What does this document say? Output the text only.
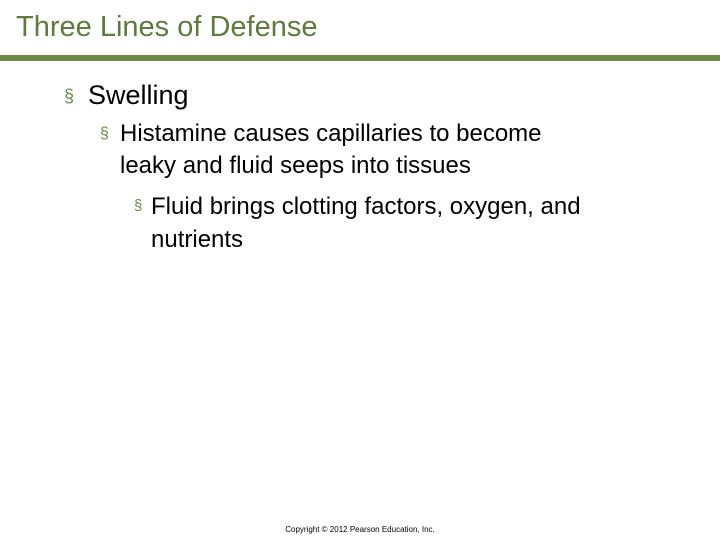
Three Lines of Defense
§ Swelling
§ Histamine causes capillaries to become leaky and fluid seeps into tissues
§ Fluid brings clotting factors, oxygen, and nutrients
Copyright © 2012 Pearson Education, Inc.
